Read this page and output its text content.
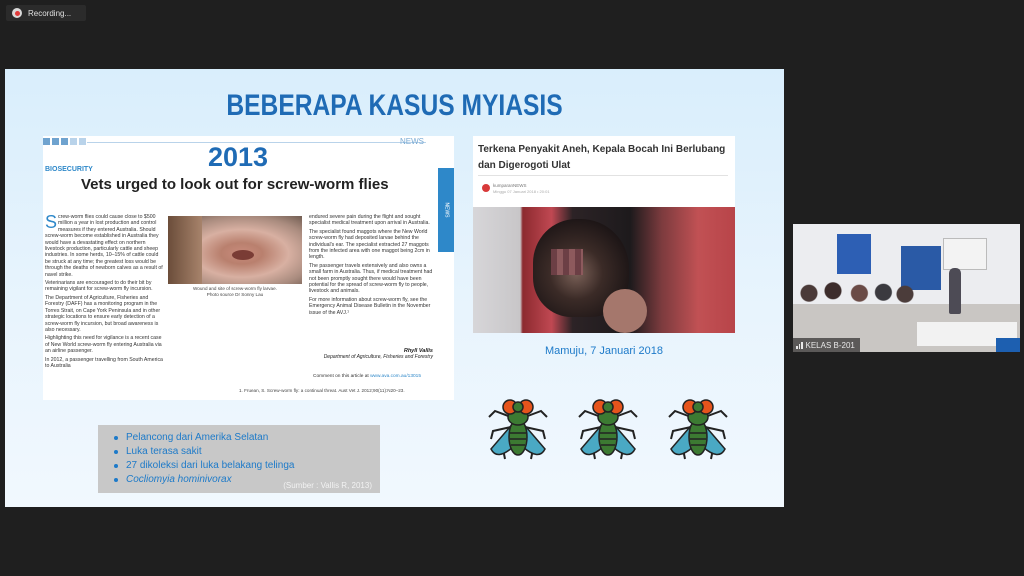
Recording...
BEBERAPA KASUS MYIASIS
NEWS
2013
BIOSECURITY
Vets urged to look out for screw-worm flies
NEWS

Screw-worm flies could cause close to $500 million a year in lost production and control measures if they entered Australia. Should screw-worm become established in Australia they would have a devastating effect on northern livestock production, particularly cattle and sheep industries. In some herds, 10–15% of cattle could be struck at any time; the greatest loss would be through the deaths of newborn calves as a result of navel strike.

Veterinarians are encouraged to do their bit by remaining vigilant for screw-worm fly incursion.

The Department of Agriculture, Fisheries and Forestry (DAFF) has a monitoring program in the Torres Strait, on Cape York Peninsula and in other strategic locations to ensure early detection of a screw-worm fly incursion, but broad awareness is also necessary.

Highlighting this need for vigilance is a recent case of New World screw-worm fly entering Australia via an airline passenger.

In 2012, a passenger travelling from South America to Australia

Wound and site of screw-worm fly larvae.
Photo source Dr Sonny Lau

endured severe pain during the flight and sought specialist medical treatment upon arrival in Australia.

The specialist found maggots where the New World screw-worm fly had deposited larvae behind the individual's ear. The specialist extracted 27 maggots from the infected area with one maggot being 2cm in length.

The passenger travels extensively and also owns a small farm in Australia. Thus, if medical treatment had not been promptly sought there would have been potential for the spread of screw-worm fly to people, livestock and animals.

For more information about screw-worm fly, see the Emergency Animal Disease Bulletin in the November issue of the AVJ.¹

Rhyll Vallis
Department of Agriculture, Fisheries and Forestry
Comment on this article at www.ava.com.au/13015
1. Fruean, S. Screw-worm fly: a continual threat. Aust Vet J. 2012;90(11):N20–23.
Pelancong dari Amerika Selatan
Luka terasa sakit
27 dikoleksi dari luka belakang telinga
Cocliomyia hominivorax
(Sumber : Vallis R, 2013)
Terkena Penyakit Aneh, Kepala Bocah Ini Berlubang dan Digerogoti Ulat
kumparanNEWS
Minggu 07 Januari 2018 • 20:01
Mamuju, 7 Januari 2018	KELAS B-201
